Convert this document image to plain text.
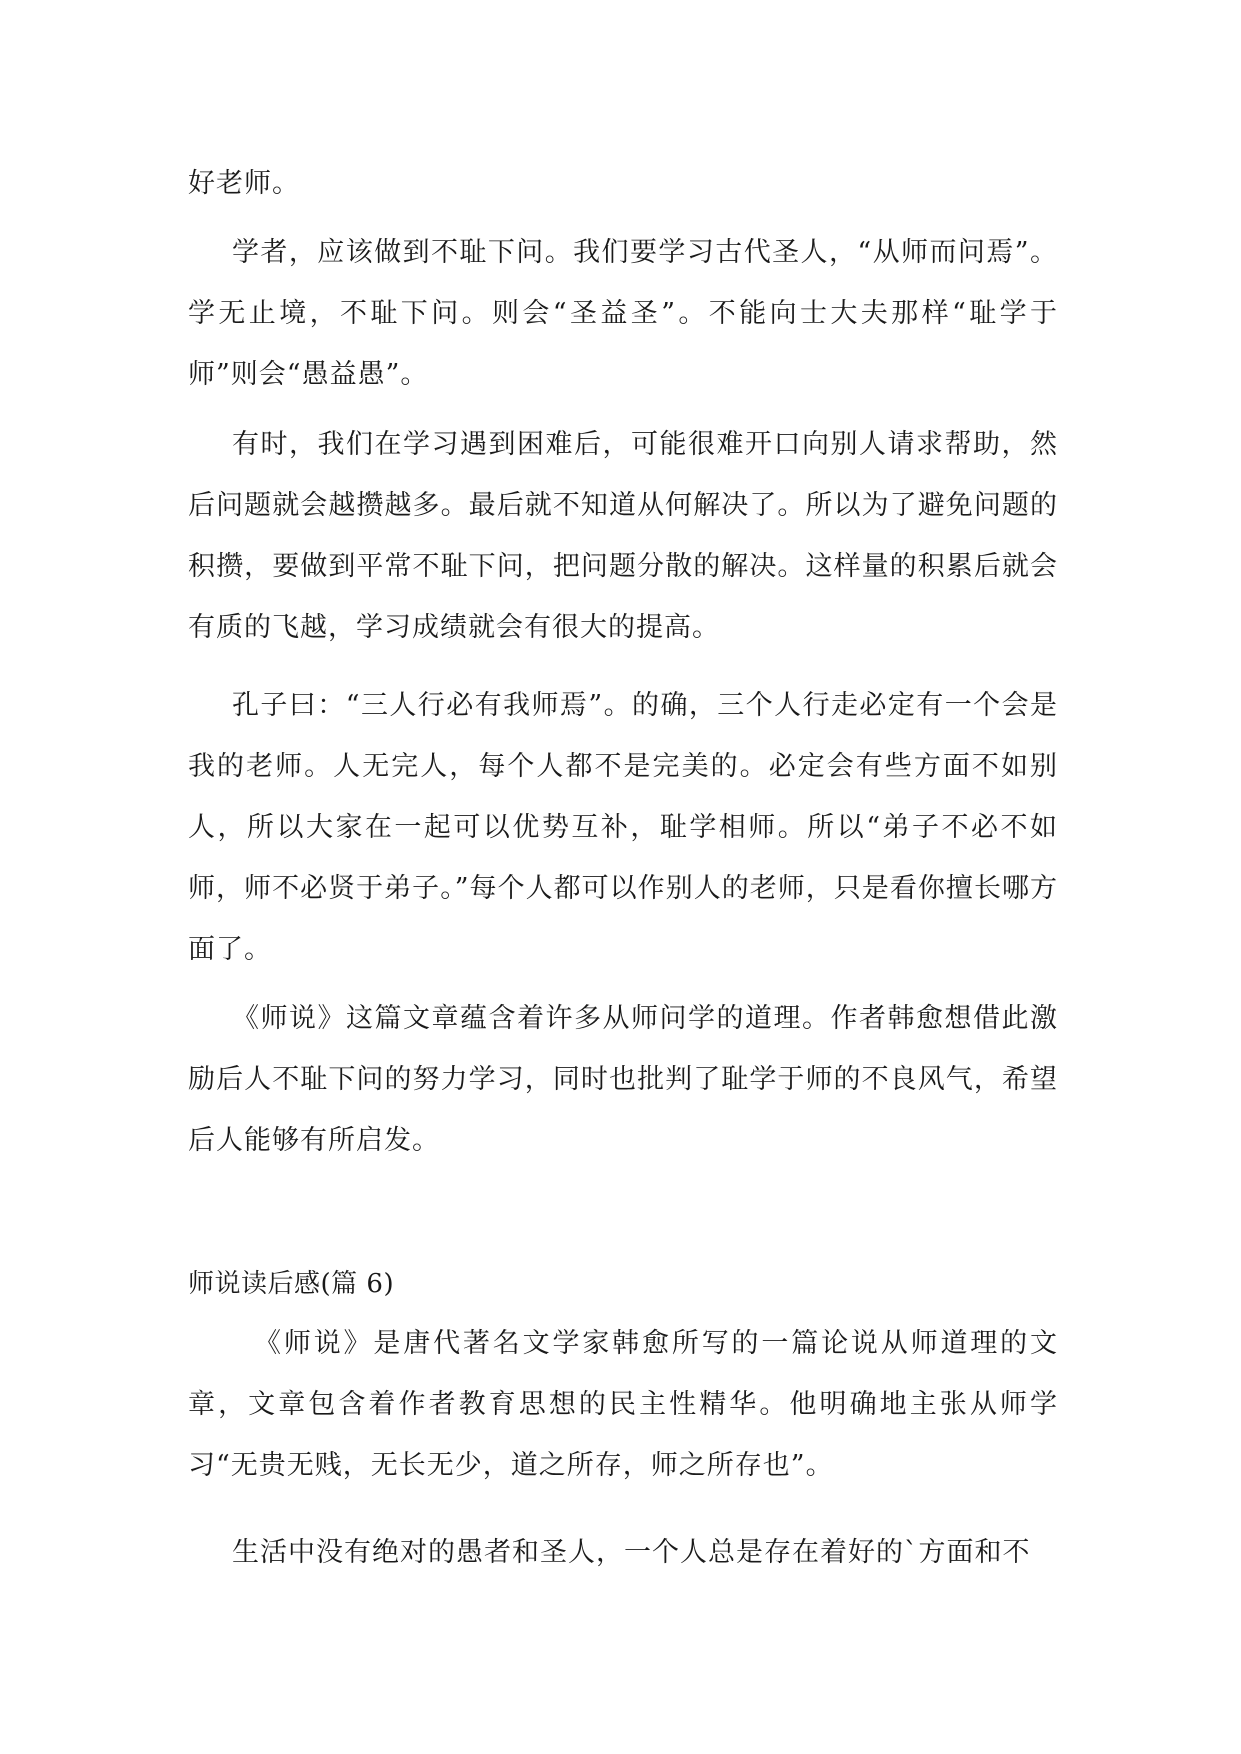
好老师。

学者，应该做到不耻下问。我们要学习古代圣人，“从师而问焉”。学无止境，不耻下问。则会“圣益圣”。不能向士大夫那样“耻学于师”则会“愚益愚”。

有时，我们在学习遇到困难后，可能很难开口向别人请求帮助，然后问题就会越攒越多。最后就不知道从何解决了。所以为了避免问题的积攒，要做到平常不耻下问，把问题分散的解决。这样量的积累后就会有质的飞越，学习成绩就会有很大的提高。

孔子曰：“三人行必有我师焉”。的确，三个人行走必定有一个会是我的老师。人无完人，每个人都不是完美的。必定会有些方面不如别人，所以大家在一起可以优势互补，耻学相师。所以“弟子不必不如师，师不必贤于弟子。”每个人都可以作别人的老师，只是看你擅长哪方面了。

《师说》这篇文章蕴含着许多从师问学的道理。作者韩愈想借此激励后人不耻下问的努力学习，同时也批判了耻学于师的不良风气，希望后人能够有所启发。

师说读后感(篇 6)

《师说》是唐代著名文学家韩愈所写的一篇论说从师道理的文章，文章包含着作者教育思想的民主性精华。他明确地主张从师学习“无贵无贱，无长无少，道之所存，师之所存也”。

生活中没有绝对的愚者和圣人，一个人总是存在着好的`方面和不
